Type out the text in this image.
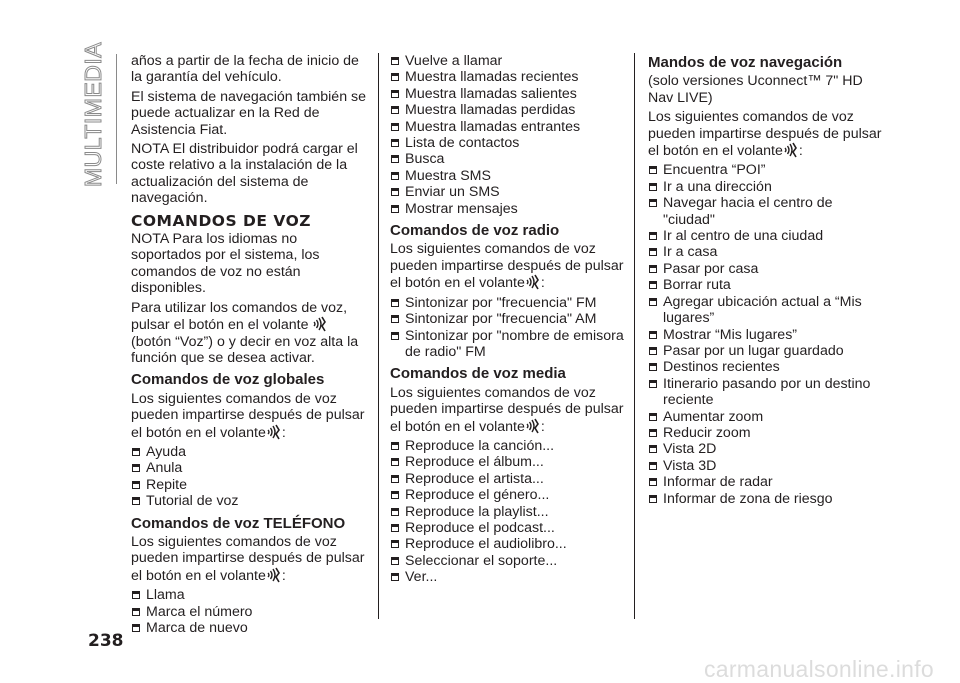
MULTIMEDIA años a partir de la fecha de inicio de la garantía del vehículo.

El sistema de navegación también se puede actualizar en la Red de Asistencia Fiat.

NOTA El distribuidor podrá cargar el coste relativo a la instalación de la actualización del sistema de navegación.

COMANDOS DE VOZ

NOTA Para los idiomas no soportados por el sistema, los comandos de voz no están disponibles.

Para utilizar los comandos de voz, pulsar el botón en el volante  (botón “Voz”) o y decir en voz alta la función que se desea activar.

Comandos de voz globales

Los siguientes comandos de voz pueden impartirse después de pulsar el botón en el volante :

Ayuda
Anula
Repite
Tutorial de voz
Comandos de voz TELÉFONO

Los siguientes comandos de voz pueden impartirse después de pulsar el botón en el volante :

Llama
Marca el número
Marca de nuevo
Vuelve a llamar
Muestra llamadas recientes
Muestra llamadas salientes
Muestra llamadas perdidas
Muestra llamadas entrantes
Lista de contactos
Busca
Muestra SMS
Enviar un SMS
Mostrar mensajes
Comandos de voz radio

Los siguientes comandos de voz pueden impartirse después de pulsar el botón en el volante :

Sintonizar por "frecuencia" FM
Sintonizar por "frecuencia" AM
Sintonizar por "nombre de emisora de radio" FM
Comandos de voz media

Los siguientes comandos de voz pueden impartirse después de pulsar el botón en el volante :

Reproduce la canción...
Reproduce el álbum...
Reproduce el artista...
Reproduce el género...
Reproduce la playlist...
Reproduce el podcast...
Reproduce el audiolibro...
Seleccionar el soporte...
Ver...
Mandos de voz navegación

(solo versiones Uconnect™ 7" HD Nav LIVE)

Los siguientes comandos de voz pueden impartirse después de pulsar el botón en el volante :

Encuentra “POI”
Ir a una dirección
Navegar hacia el centro de "ciudad"
Ir al centro de una ciudad
Ir a casa
Pasar por casa
Borrar ruta
Agregar ubicación actual a “Mis lugares”
Mostrar “Mis lugares”
Pasar por un lugar guardado
Destinos recientes
Itinerario pasando por un destino reciente
Aumentar zoom
Reducir zoom
Vista 2D
Vista 3D
Informar de radar
Informar de zona de riesgo
238
carmanualsonline.info
